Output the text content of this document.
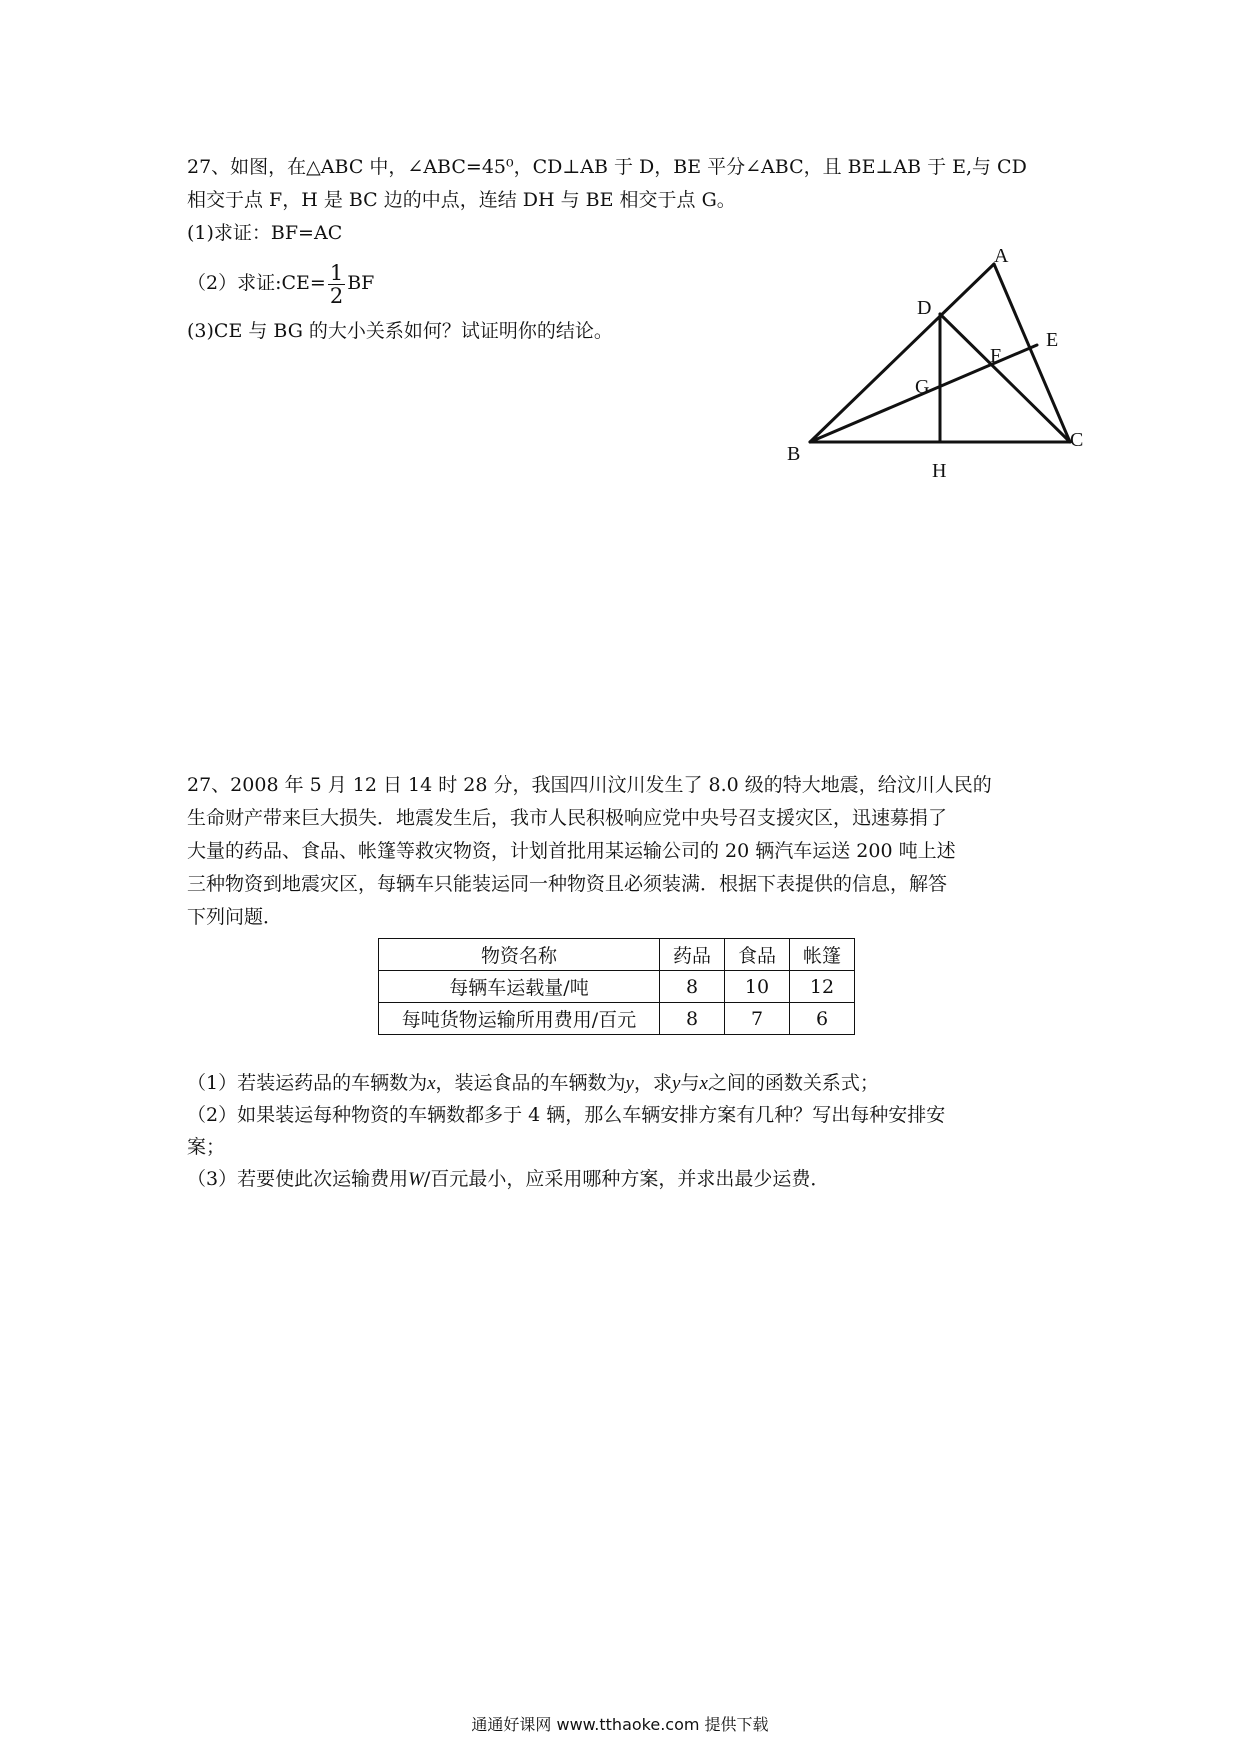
27、如图，在△ABC 中，∠ABC=45⁰，CD⊥AB 于 D，BE 平分∠ABC，且 BE⊥AB 于 E,与 CD
相交于点 F，H 是 BC 边的中点，连结 DH 与 BE 相交于点 G。
(1)求证：BF=AC
（2）求证:CE= $\frac{1}{2}$ BF
(3)CE 与 BG 的大小关系如何？试证明你的结论。
A
D
E
F
G
C
B
H
27、2008 年 5 月 12 日 14 时 28 分，我国四川汶川发生了 8.0 级的特大地震，给汶川人民的
生命财产带来巨大损失．地震发生后，我市人民积极响应党中央号召支援灾区，迅速募捐了
大量的药品、食品、帐篷等救灾物资，计划首批用某运输公司的 20 辆汽车运送 200 吨上述
三种物资到地震灾区，每辆车只能装运同一种物资且必须装满．根据下表提供的信息，解答
下列问题．
物资名称	药品	食品	帐篷
每辆车运载量/吨	8	10	12
每吨货物运输所用费用/百元	8	7	6
（1）若装运药品的车辆数为x，装运食品的车辆数为y，求y与x之间的函数关系式；
（2）如果装运每种物资的车辆数都多于 4 辆，那么车辆安排方案有几种？写出每种安排安
案；
（3）若要使此次运输费用W/百元最小，应采用哪种方案，并求出最少运费．
通通好课网 www.tthaoke.com 提供下载
